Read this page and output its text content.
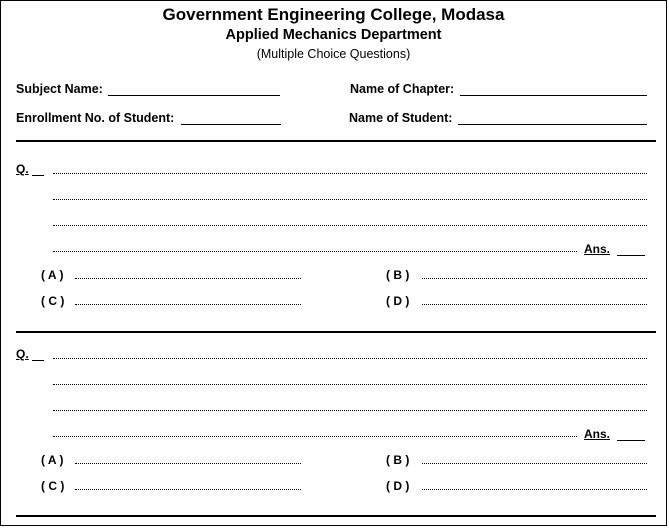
Government Engineering College, Modasa
Applied Mechanics Department
(Multiple Choice Questions)
Subject Name:	Name of Chapter:
Enrollment No. of Student:	Name of Student:
Q.
Ans.
( A )	( B )
( C )	( D )
Q.
Ans.
( A )	( B )
( C )	( D )
